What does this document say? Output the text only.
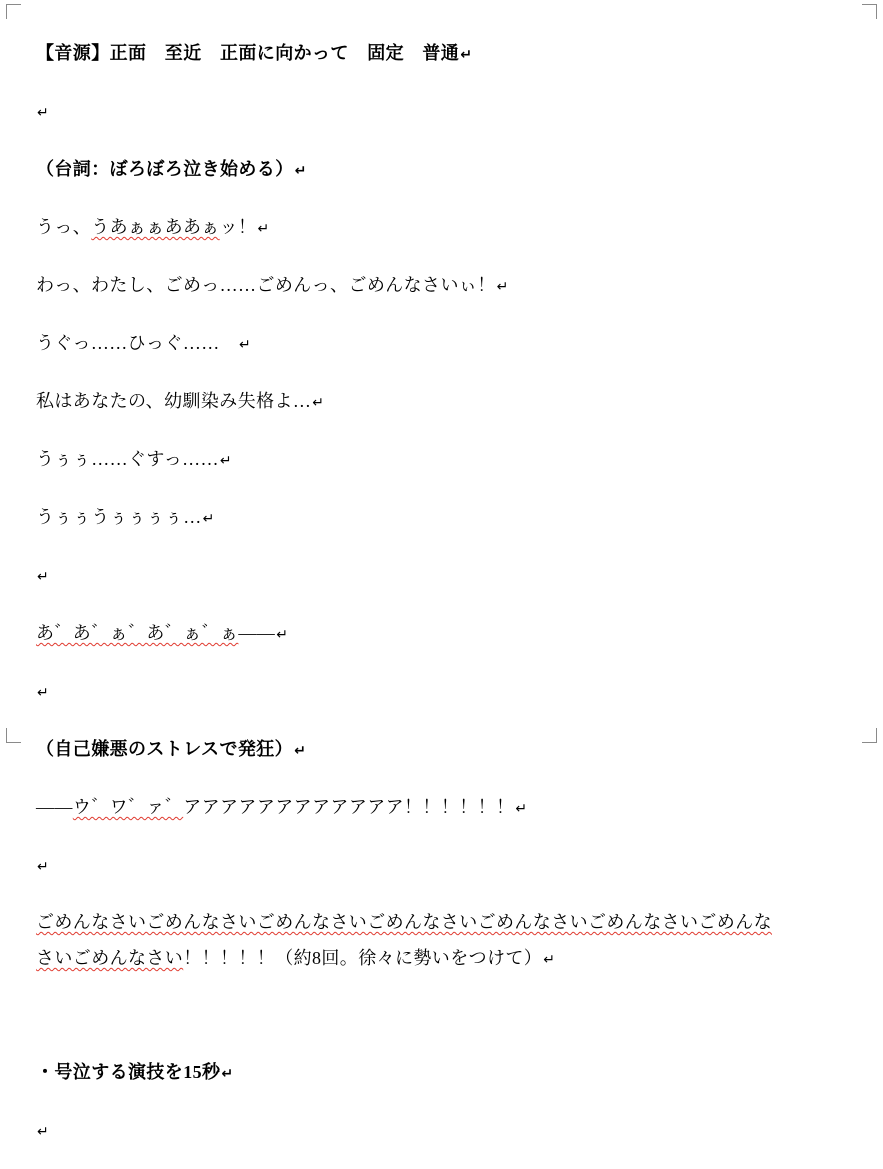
【音源】正面　至近　正面に向かって　固定　普通↵

↵

（台詞：ぼろぼろ泣き始める）↵

うっ、うあぁぁああぁッ！↵

わっ、わたし、ごめっ……ごめんっ、ごめんなさいぃ！↵

うぐっ……ひっぐ……　↵

私はあなたの、幼馴染み失格よ…↵

うぅぅ……ぐすっ……↵

うぅぅうぅぅぅぅ…↵

↵

あ゛あ゛ぁ゛あ゛ぁ゛ぁ——↵

↵

（自己嫌悪のストレスで発狂）↵

——ウ゛ワ゛ァ゛アアアアアアアアアアアア！！！！！！↵

↵

ごめんなさいごめんなさいごめんなさいごめんなさいごめんなさいごめんなさいごめんな
さいごめんなさい！！！！！（約8回。徐々に勢いをつけて）↵

・号泣する演技を15秒↵

↵
